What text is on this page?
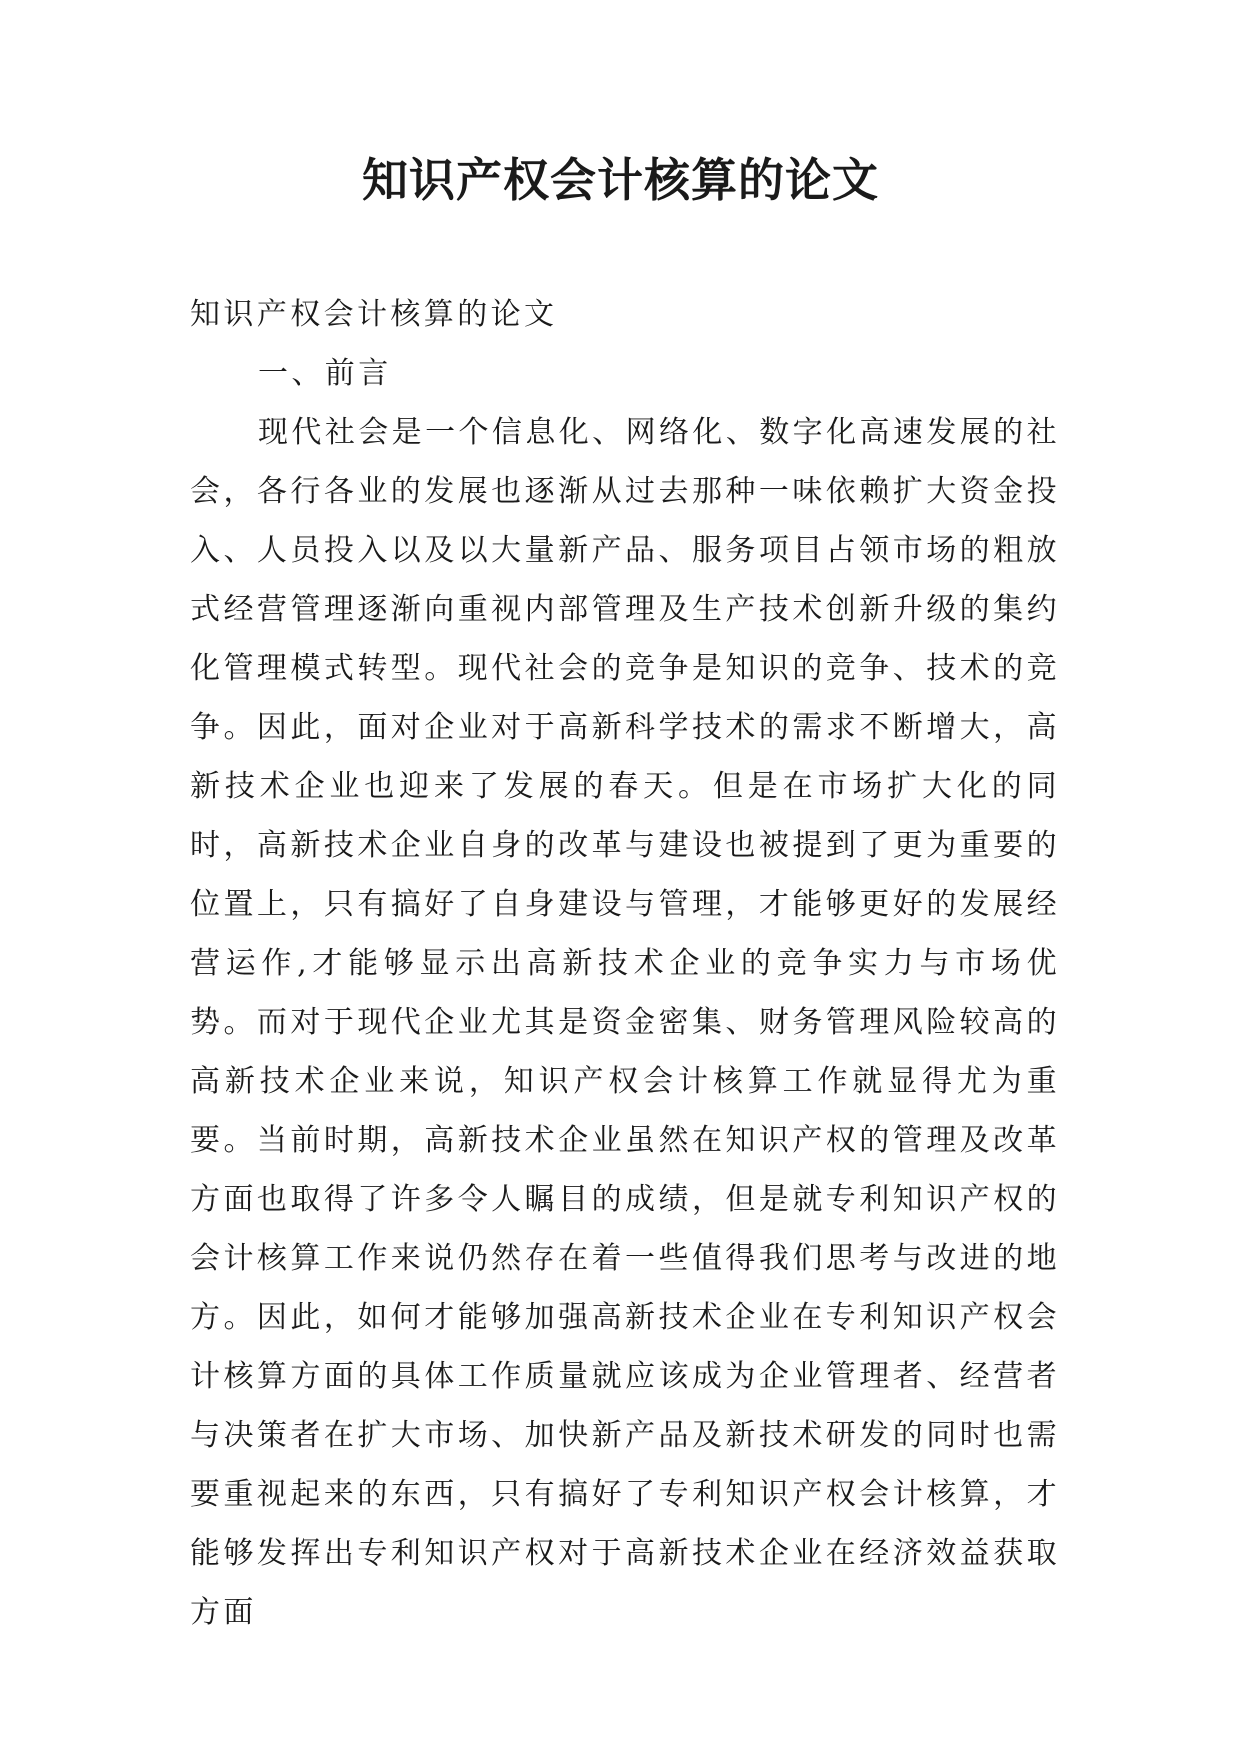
知识产权会计核算的论文

知识产权会计核算的论文

一、前言

现代社会是一个信息化、网络化、数字化高速发展的社会，各行各业的发展也逐渐从过去那种一味依赖扩大资金投入、人员投入以及以大量新产品、服务项目占领市场的粗放式经营管理逐渐向重视内部管理及生产技术创新升级的集约化管理模式转型。现代社会的竞争是知识的竞争、技术的竞争。因此，面对企业对于高新科学技术的需求不断增大，高新技术企业也迎来了发展的春天。但是在市场扩大化的同时，高新技术企业自身的改革与建设也被提到了更为重要的位置上，只有搞好了自身建设与管理，才能够更好的发展经营运作,才能够显示出高新技术企业的竞争实力与市场优势。而对于现代企业尤其是资金密集、财务管理风险较高的高新技术企业来说，知识产权会计核算工作就显得尤为重要。当前时期，高新技术企业虽然在知识产权的管理及改革方面也取得了许多令人瞩目的成绩，但是就专利知识产权的会计核算工作来说仍然存在着一些值得我们思考与改进的地方。因此，如何才能够加强高新技术企业在专利知识产权会计核算方面的具体工作质量就应该成为企业管理者、经营者与决策者在扩大市场、加快新产品及新技术研发的同时也需要重视起来的东西，只有搞好了专利知识产权会计核算，才能够发挥出专利知识产权对于高新技术企业在经济效益获取方面
